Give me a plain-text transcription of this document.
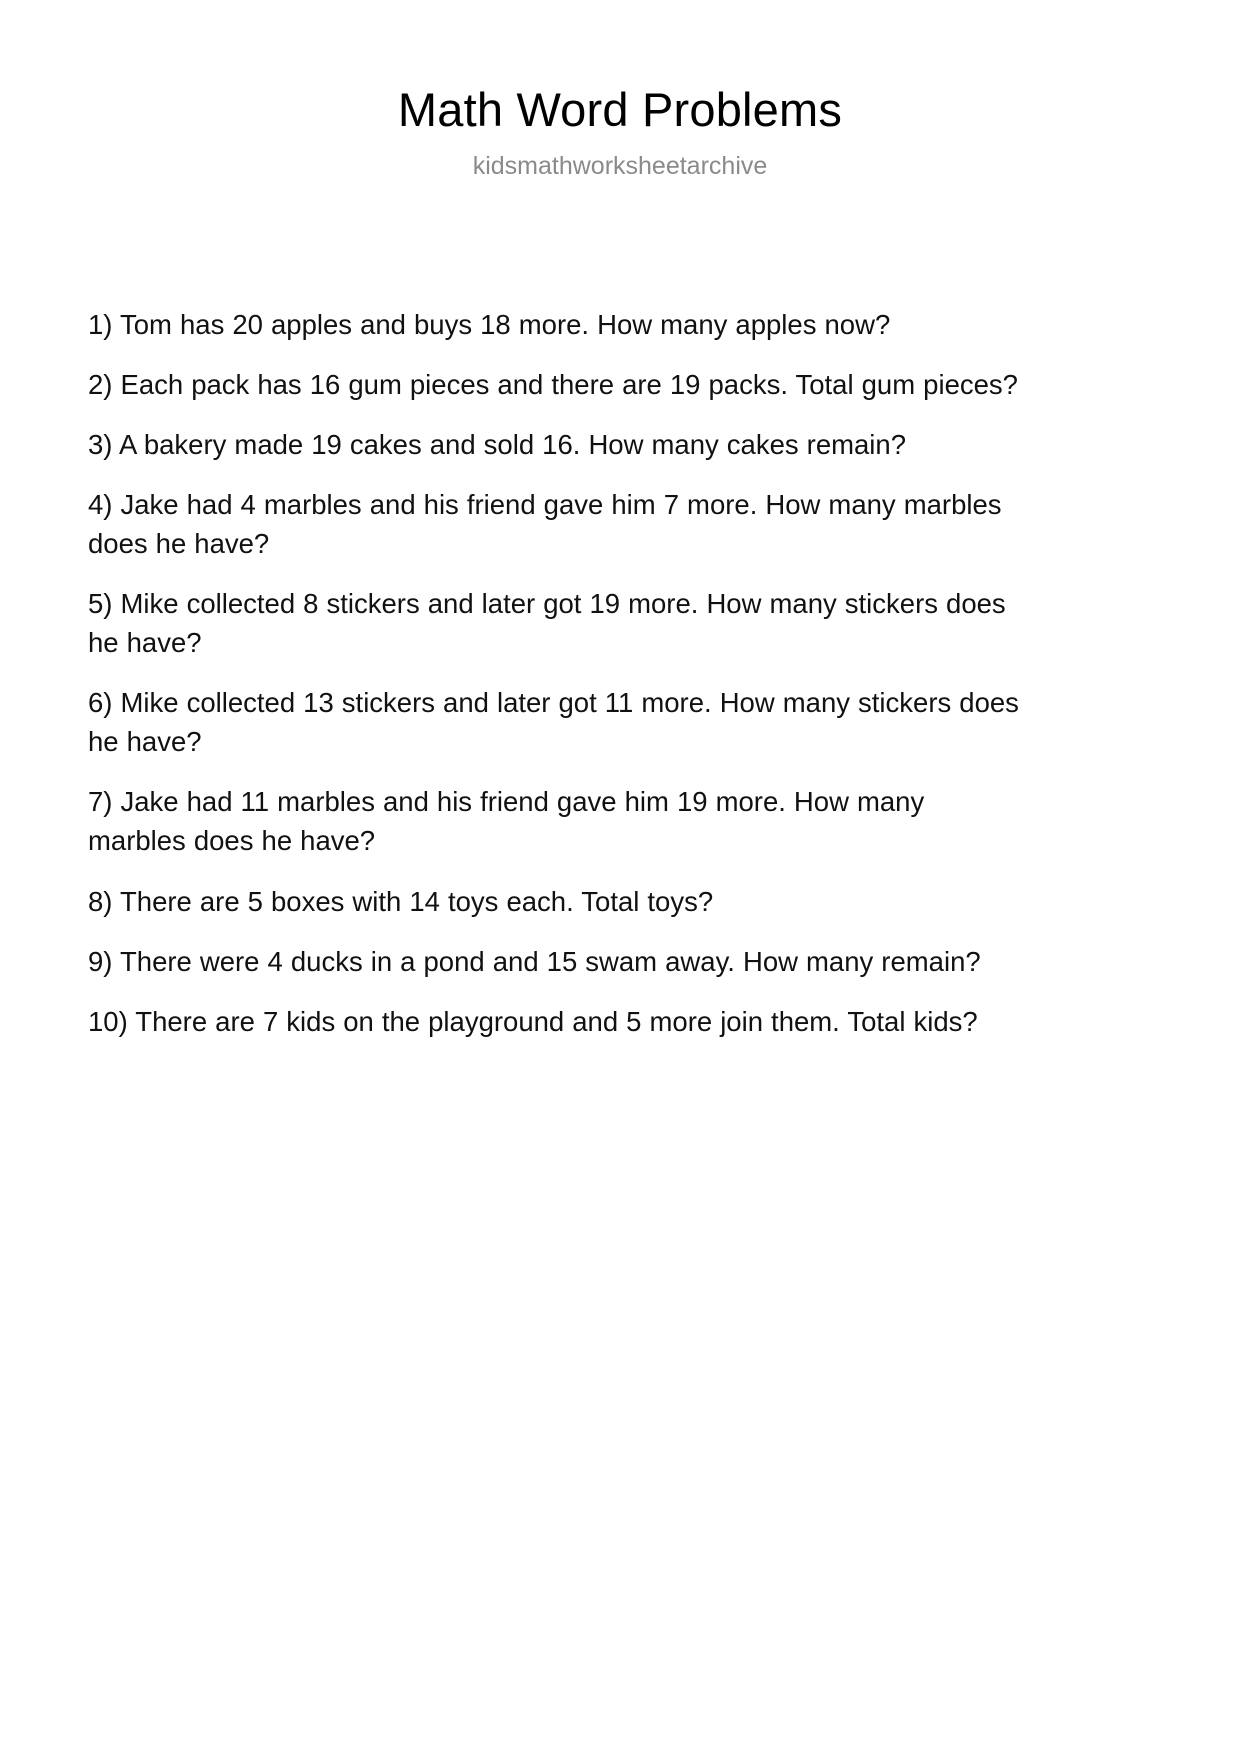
Math Word Problems

kidsmathworksheetarchive

1) Tom has 20 apples and buys 18 more. How many apples now?
2) Each pack has 16 gum pieces and there are 19 packs. Total gum pieces?
3) A bakery made 19 cakes and sold 16. How many cakes remain?
4) Jake had 4 marbles and his friend gave him 7 more. How many marbles does he have?
5) Mike collected 8 stickers and later got 19 more. How many stickers does he have?
6) Mike collected 13 stickers and later got 11 more. How many stickers does he have?
7) Jake had 11 marbles and his friend gave him 19 more. How many marbles does he have?
8) There are 5 boxes with 14 toys each. Total toys?
9) There were 4 ducks in a pond and 15 swam away. How many remain?
10) There are 7 kids on the playground and 5 more join them. Total kids?
